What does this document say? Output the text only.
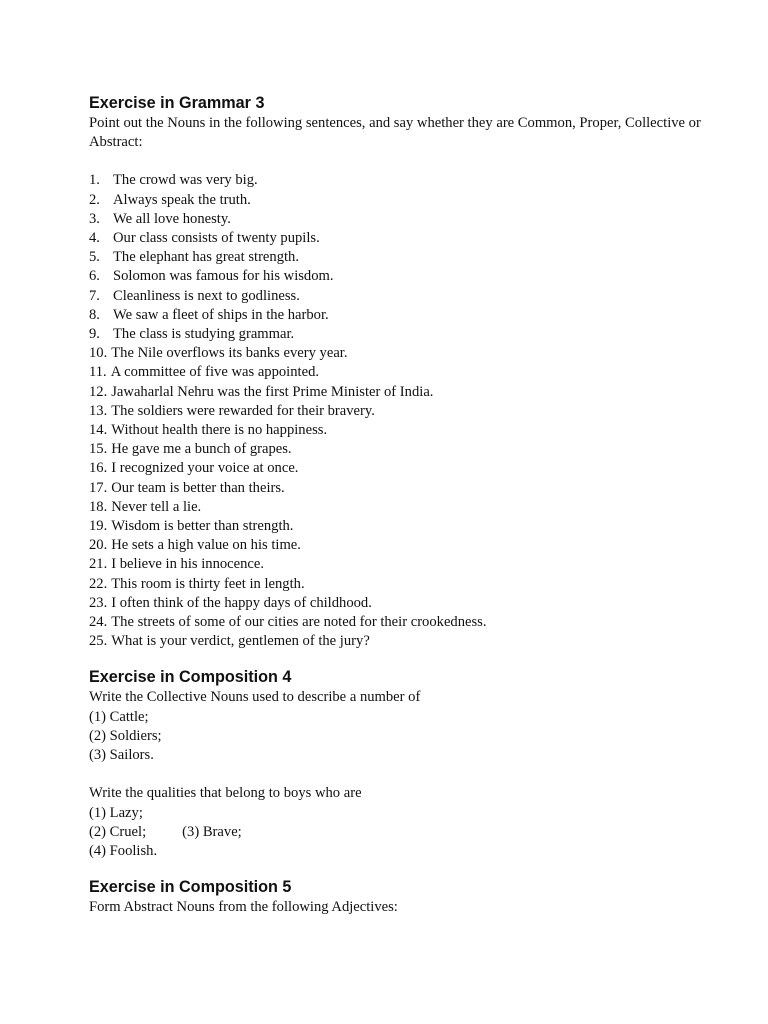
Exercise in Grammar 3

Point out the Nouns in the following sentences, and say whether they are Common, Proper, Collective or Abstract:

1. The crowd was very big.
2. Always speak the truth.
3. We all love honesty.
4. Our class consists of twenty pupils.
5. The elephant has great strength.
6. Solomon was famous for his wisdom.
7. Cleanliness is next to godliness.
8. We saw a fleet of ships in the harbor.
9. The class is studying grammar.
10. The Nile overflows its banks every year.
11. A committee of five was appointed.
12. Jawaharlal Nehru was the first Prime Minister of India.
13. The soldiers were rewarded for their bravery.
14. Without health there is no happiness.
15. He gave me a bunch of grapes.
16. I recognized your voice at once.
17. Our team is better than theirs.
18. Never tell a lie.
19. Wisdom is better than strength.
20. He sets a high value on his time.
21. I believe in his innocence.
22. This room is thirty feet in length.
23. I often think of the happy days of childhood.
24. The streets of some of our cities are noted for their crookedness.
25. What is your verdict, gentlemen of the jury?
Exercise in Composition 4

Write the Collective Nouns used to describe a number of

(1) Cattle;

(2) Soldiers;

(3) Sailors.

Write the qualities that belong to boys who are

(1) Lazy;

(2) Cruel; (3) Brave;

(4) Foolish.

Exercise in Composition 5

Form Abstract Nouns from the following Adjectives:
